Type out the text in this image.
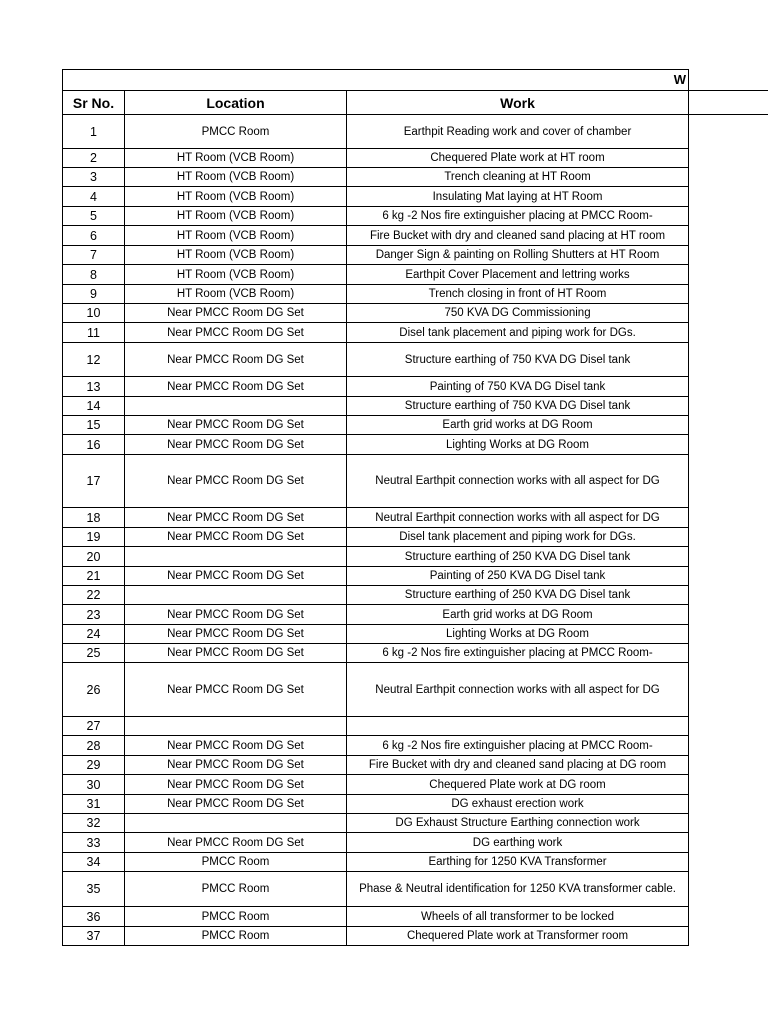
W			
Sr No.	Location	Work	
1	PMCC Room	Earthpit Reading work and cover of chamber	
2	HT Room (VCB Room)	Chequered Plate work at HT room	
3	HT Room (VCB Room)	Trench cleaning at HT Room	
4	HT Room (VCB Room)	Insulating Mat laying at HT Room	
5	HT Room (VCB Room)	6 kg -2 Nos fire extinguisher placing at PMCC Room-	
6	HT Room (VCB Room)	Fire Bucket with dry and cleaned sand placing at HT room	
7	HT Room (VCB Room)	Danger Sign & painting on Rolling Shutters at HT Room	
8	HT Room (VCB Room)	Earthpit Cover Placement and lettring works	
9	HT Room (VCB Room)	Trench closing in front of HT Room	
10	Near PMCC Room DG Set	750 KVA DG Commissioning	
11	Near PMCC Room DG Set	Disel tank placement and piping work for DGs.	
12	Near PMCC Room DG Set	Structure earthing of 750 KVA DG Disel tank	
13	Near PMCC Room DG Set	Painting of 750 KVA DG Disel tank	
14		Structure earthing of 750 KVA DG Disel tank	
15	Near PMCC Room DG Set	Earth grid works at DG Room	
16	Near PMCC Room DG Set	Lighting Works at DG Room	
17	Near PMCC Room DG Set	Neutral Earthpit connection works with all aspect for DG	
18	Near PMCC Room DG Set	Neutral Earthpit connection works with all aspect for DG	
19	Near PMCC Room DG Set	Disel tank placement and piping work for DGs.	
20		Structure earthing of 250 KVA DG Disel tank	
21	Near PMCC Room DG Set	Painting of 250 KVA DG Disel tank	
22		Structure earthing of 250 KVA DG Disel tank	
23	Near PMCC Room DG Set	Earth grid works at DG Room	
24	Near PMCC Room DG Set	Lighting Works at DG Room	
25	Near PMCC Room DG Set	6 kg -2 Nos fire extinguisher placing at PMCC Room-	
26	Near PMCC Room DG Set	Neutral Earthpit connection works with all aspect for DG	
27			
28	Near PMCC Room DG Set	6 kg -2 Nos fire extinguisher placing at PMCC Room-	
29	Near PMCC Room DG Set	Fire Bucket with dry and cleaned sand placing at DG room	
30	Near PMCC Room DG Set	Chequered Plate work at DG room	
31	Near PMCC Room DG Set	DG exhaust erection work	
32		DG Exhaust Structure Earthing connection work	
33	Near PMCC Room DG Set	DG earthing work	
34	PMCC Room	Earthing for 1250 KVA Transformer	
35	PMCC Room	Phase & Neutral identification for 1250 KVA transformer cable.	
36	PMCC Room	Wheels of all transformer to be locked	
37	PMCC Room	Chequered Plate work at Transformer room	
